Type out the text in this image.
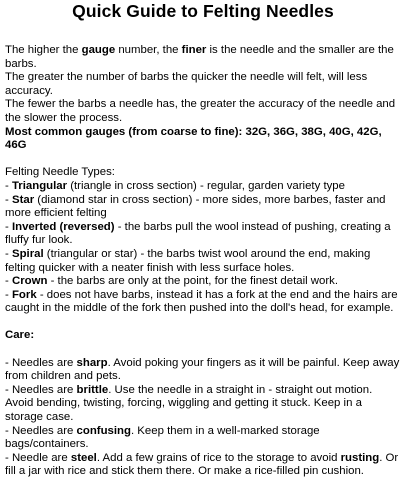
Quick Guide to Felting Needles

The higher the gauge number, the finer is the needle and the smaller are the barbs.

The greater the number of barbs the quicker the needle will felt, will less accuracy.

The fewer the barbs a needle has, the greater the accuracy of the needle and the slower the process.

Most common gauges (from coarse to fine): 32G, 36G, 38G, 40G, 42G, 46G

Felting Needle Types:

- Triangular (triangle in cross section) - regular, garden variety type

- Star (diamond star in cross section) - more sides, more barbes, faster and more efficient felting

- Inverted (reversed) - the barbs pull the wool instead of pushing, creating a fluffy fur look.

- Spiral (triangular or star) - the barbs twist wool around the end, making felting quicker with a neater finish with less surface holes.

- Crown - the barbs are only at the point, for the finest detail work.

- Fork - does not have barbs, instead it has a fork at the end and the hairs are caught in the middle of the fork then pushed into the doll's head, for example.

Care:

- Needles are sharp. Avoid poking your fingers as it will be painful. Keep away from children and pets.

- Needles are brittle. Use the needle in a straight in - straight out motion. Avoid bending, twisting, forcing, wiggling and getting it stuck. Keep in a storage case.

- Needles are confusing. Keep them in a well-marked storage bags/containers.

- Needle are steel. Add a few grains of rice to the storage to avoid rusting. Or fill a jar with rice and stick them there. Or make a rice-filled pin cushion.
